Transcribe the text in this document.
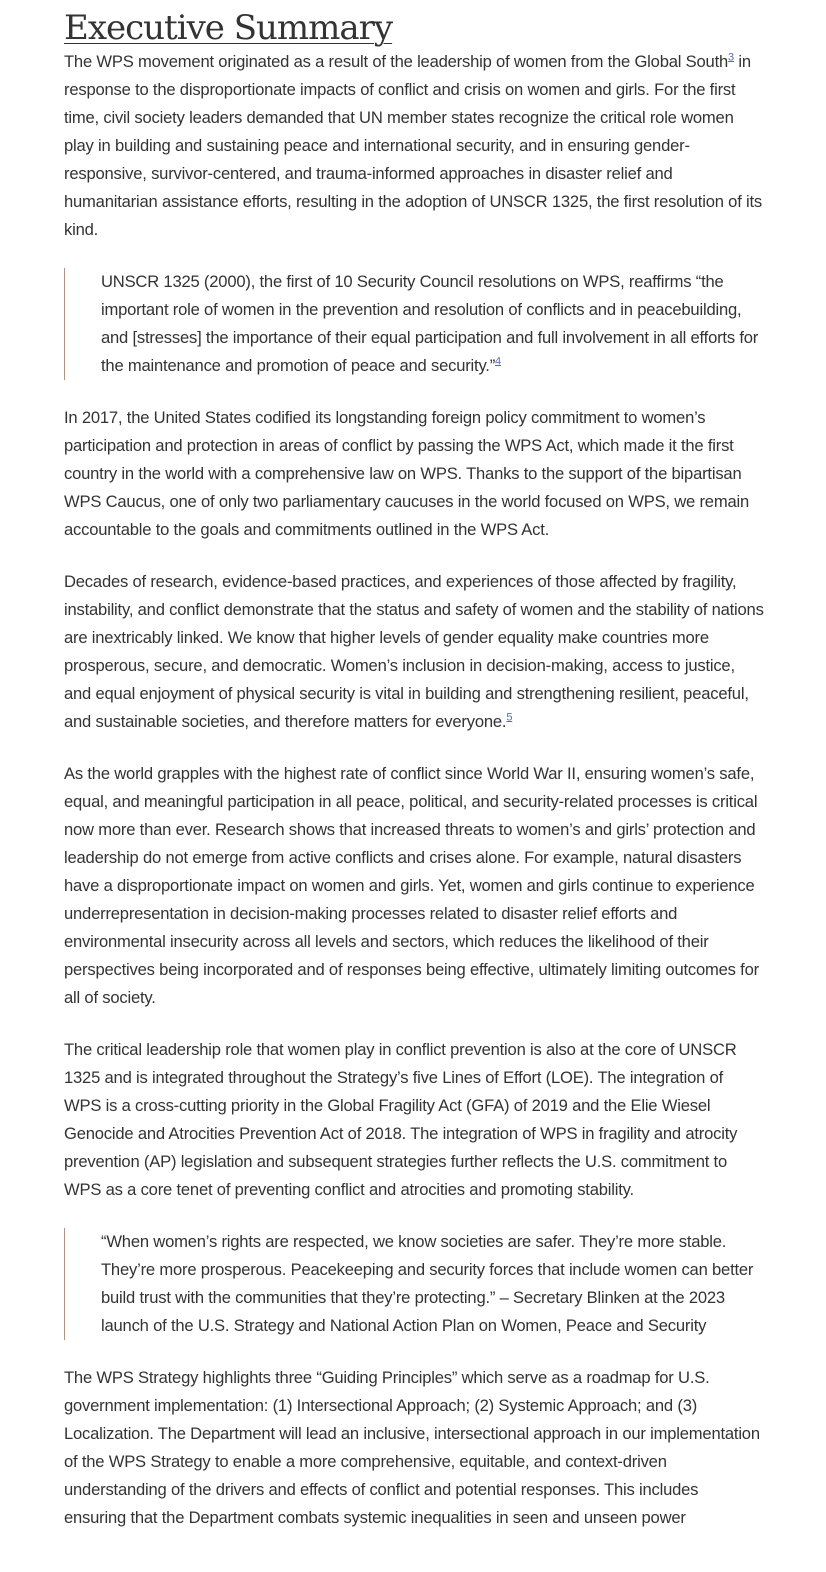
Executive Summary

The WPS movement originated as a result of the leadership of women from the Global South$^3$ in response to the disproportionate impacts of conflict and crisis on women and girls. For the first time, civil society leaders demanded that UN member states recognize the critical role women play in building and sustaining peace and international security, and in ensuring gender-responsive, survivor-centered, and trauma-informed approaches in disaster relief and humanitarian assistance efforts, resulting in the adoption of UNSCR 1325, the first resolution of its kind.

UNSCR 1325 (2000), the first of 10 Security Council resolutions on WPS, reaffirms “the important role of women in the prevention and resolution of conflicts and in peacebuilding, and [stresses] the importance of their equal participation and full involvement in all efforts for the maintenance and promotion of peace and security.”$^4$

In 2017, the United States codified its longstanding foreign policy commitment to women’s participation and protection in areas of conflict by passing the WPS Act, which made it the first country in the world with a comprehensive law on WPS. Thanks to the support of the bipartisan WPS Caucus, one of only two parliamentary caucuses in the world focused on WPS, we remain accountable to the goals and commitments outlined in the WPS Act.

Decades of research, evidence-based practices, and experiences of those affected by fragility, instability, and conflict demonstrate that the status and safety of women and the stability of nations are inextricably linked. We know that higher levels of gender equality make countries more prosperous, secure, and democratic. Women’s inclusion in decision-making, access to justice, and equal enjoyment of physical security is vital in building and strengthening resilient, peaceful, and sustainable societies, and therefore matters for everyone.$^5$

As the world grapples with the highest rate of conflict since World War II, ensuring women’s safe, equal, and meaningful participation in all peace, political, and security-related processes is critical now more than ever. Research shows that increased threats to women’s and girls’ protection and leadership do not emerge from active conflicts and crises alone. For example, natural disasters have a disproportionate impact on women and girls. Yet, women and girls continue to experience underrepresentation in decision-making processes related to disaster relief efforts and environmental insecurity across all levels and sectors, which reduces the likelihood of their perspectives being incorporated and of responses being effective, ultimately limiting outcomes for all of society.

The critical leadership role that women play in conflict prevention is also at the core of UNSCR 1325 and is integrated throughout the Strategy’s five Lines of Effort (LOE). The integration of WPS is a cross-cutting priority in the Global Fragility Act (GFA) of 2019 and the Elie Wiesel Genocide and Atrocities Prevention Act of 2018. The integration of WPS in fragility and atrocity prevention (AP) legislation and subsequent strategies further reflects the U.S. commitment to WPS as a core tenet of preventing conflict and atrocities and promoting stability.

“When women’s rights are respected, we know societies are safer. They’re more stable. They’re more prosperous. Peacekeeping and security forces that include women can better build trust with the communities that they’re protecting.” – Secretary Blinken at the 2023 launch of the U.S. Strategy and National Action Plan on Women, Peace and Security

The WPS Strategy highlights three “Guiding Principles” which serve as a roadmap for U.S. government implementation: (1) Intersectional Approach; (2) Systemic Approach; and (3) Localization. The Department will lead an inclusive, intersectional approach in our implementation of the WPS Strategy to enable a more comprehensive, equitable, and context-driven understanding of the drivers and effects of conflict and potential responses. This includes ensuring that the Department combats systemic inequalities in seen and unseen power
